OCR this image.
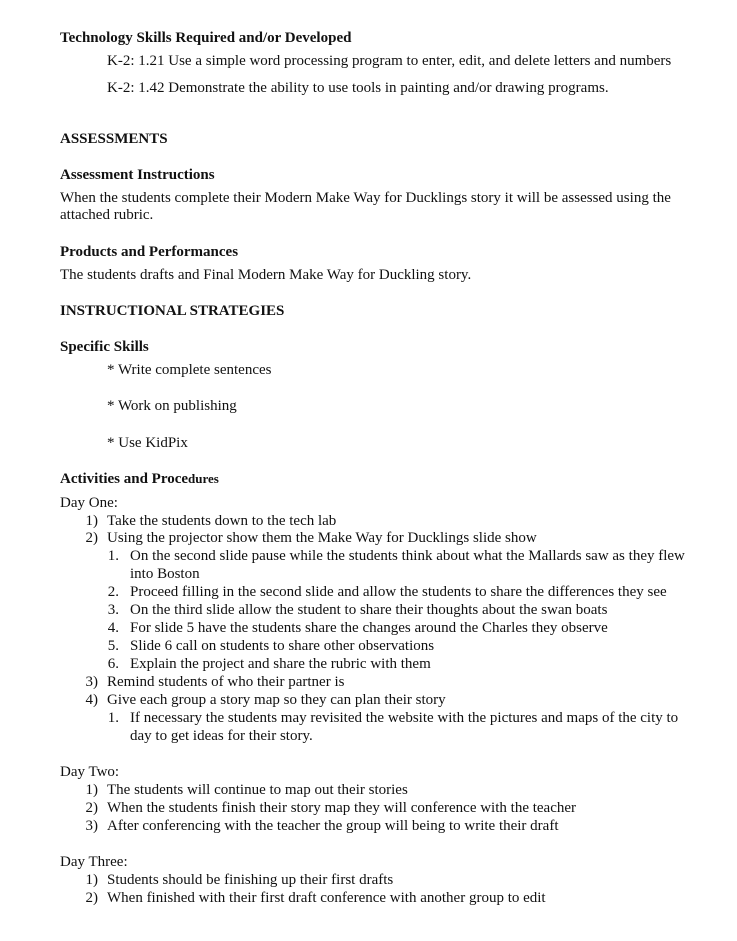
Technology Skills Required and/or Developed
K-2: 1.21 Use a simple word processing program to enter, edit, and delete letters and numbers
K-2: 1.42 Demonstrate the ability to use tools in painting and/or drawing programs.
ASSESSMENTS
Assessment Instructions
When the students complete their Modern Make Way for Ducklings story it will be assessed using the
attached rubric.
Products and Performances
The students drafts and Final Modern Make Way for Duckling story.
INSTRUCTIONAL STRATEGIES
Specific Skills
* Write complete sentences
* Work on publishing
* Use KidPix
Activities and Procedures
Day One:
1) Take the students down to the tech lab
2) Using the projector show them the Make Way for Ducklings slide show
1. On the second slide pause while the students think about what the Mallards saw as they flew
into Boston
2. Proceed filling in the second slide and allow the students to share the differences they see
3. On the third slide allow the student to share their thoughts about the swan boats
4. For slide 5 have the students share the changes around the Charles they observe
5. Slide 6 call on students to share other observations
6. Explain the project and share the rubric with them
3) Remind students of who their partner is
4) Give each group a story map so they can plan their story
1. If necessary the students may revisited the website with the pictures and maps of the city to
day to get ideas for their story.
Day Two:
1) The students will continue to map out their stories
2) When the students finish their story map they will conference with the teacher
3) After conferencing with the teacher the group will being to write their draft
Day Three:
1) Students should be finishing up their first drafts
2) When finished with their first draft conference with another group to edit
